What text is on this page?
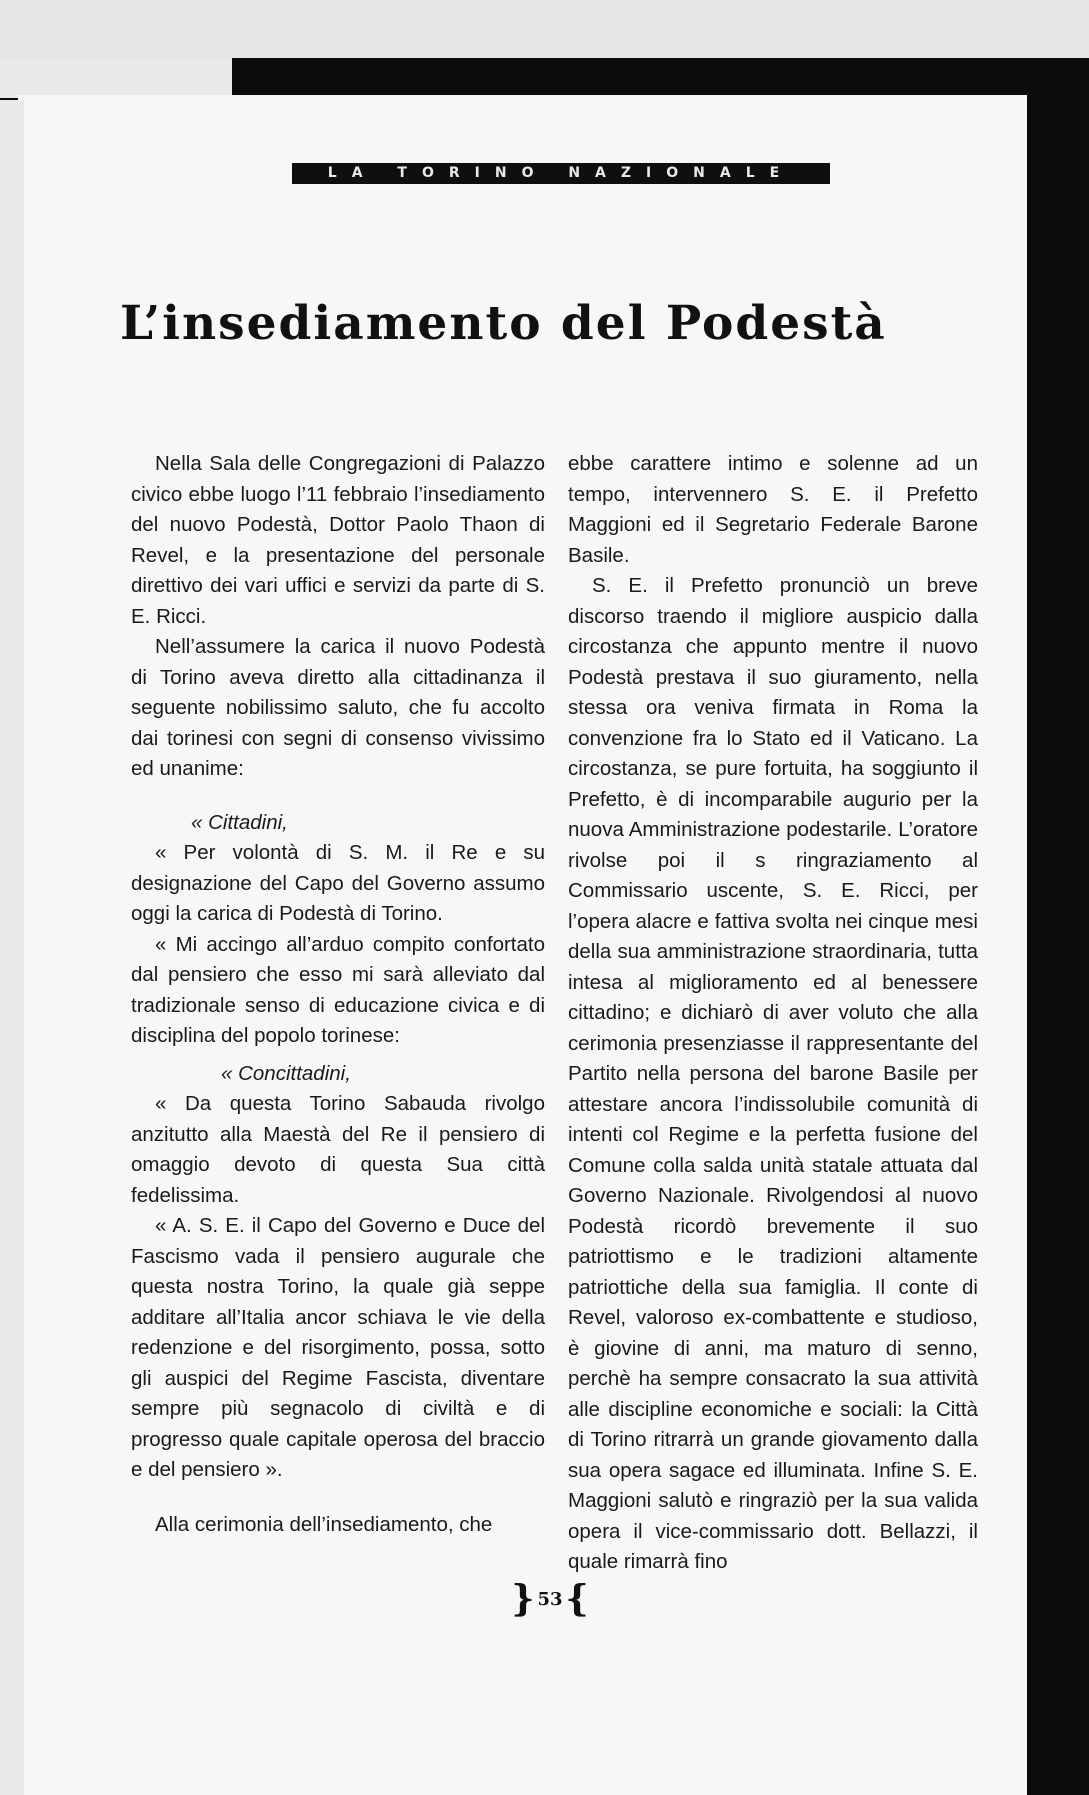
LA TORINO NAZIONALE
L’insediamento del Podestà

Nella Sala delle Congregazioni di Palazzo civico ebbe luogo l’11 febbraio l’insediamento del nuovo Podestà, Dottor Paolo Thaon di Revel, e la presentazione del personale direttivo dei vari uffici e servizi da parte di S. E. Ricci.

Nell’assumere la carica il nuovo Podestà di Torino aveva diretto alla cittadinanza il seguente nobilissimo saluto, che fu accolto dai torinesi con segni di consenso vivissimo ed unanime:

« Cittadini,

« Per volontà di S. M. il Re e su designazione del Capo del Governo assumo oggi la carica di Podestà di Torino.

« Mi accingo all’arduo compito confortato dal pensiero che esso mi sarà alleviato dal tradizionale senso di educazione civica e di disciplina del popolo torinese:

« Concittadini,

« Da questa Torino Sabauda rivolgo anzitutto alla Maestà del Re il pensiero di omaggio devoto di questa Sua città fedelissima.

« A. S. E. il Capo del Governo e Duce del Fascismo vada il pensiero augurale che questa nostra Torino, la quale già seppe additare all’Italia ancor schiava le vie della redenzione e del risorgimento, possa, sotto gli auspici del Regime Fascista, diventare sempre più segnacolo di civiltà e di progresso quale capitale operosa del braccio e del pensiero ».

Alla cerimonia dell’insediamento, che

ebbe carattere intimo e solenne ad un tempo, intervennero S. E. il Prefetto Maggioni ed il Segretario Federale Barone Basile.

S. E. il Prefetto pronunciò un breve discorso traendo il migliore auspicio dalla circostanza che appunto mentre il nuovo Podestà prestava il suo giuramento, nella stessa ora veniva firmata in Roma la convenzione fra lo Stato ed il Vaticano. La circostanza, se pure fortuita, ha soggiunto il Prefetto, è di incomparabile augurio per la nuova Amministrazione podestarile. L’oratore rivolse poi il s ringraziamento al Commissario uscente, S. E. Ricci, per l’opera alacre e fattiva svolta nei cinque mesi della sua amministrazione straordinaria, tutta intesa al miglioramento ed al benessere cittadino; e dichiarò di aver voluto che alla cerimonia presenziasse il rappresentante del Partito nella persona del barone Basile per attestare ancora l’indissolubile comunità di intenti col Regime e la perfetta fusione del Comune colla salda unità statale attuata dal Governo Nazionale. Rivolgendosi al nuovo Podestà ricordò brevemente il suo patriottismo e le tradizioni altamente patriottiche della sua famiglia. Il conte di Revel, valoroso ex-combattente e studioso, è giovine di anni, ma maturo di senno, perchè ha sempre consacrato la sua attività alle discipline economiche e sociali: la Città di Torino ritrarrà un grande giovamento dalla sua opera sagace ed illuminata. Infine S. E. Maggioni salutò e ringraziò per la sua valida opera il vice-commissario dott. Bellazzi, il quale rimarrà fino

} 53{
